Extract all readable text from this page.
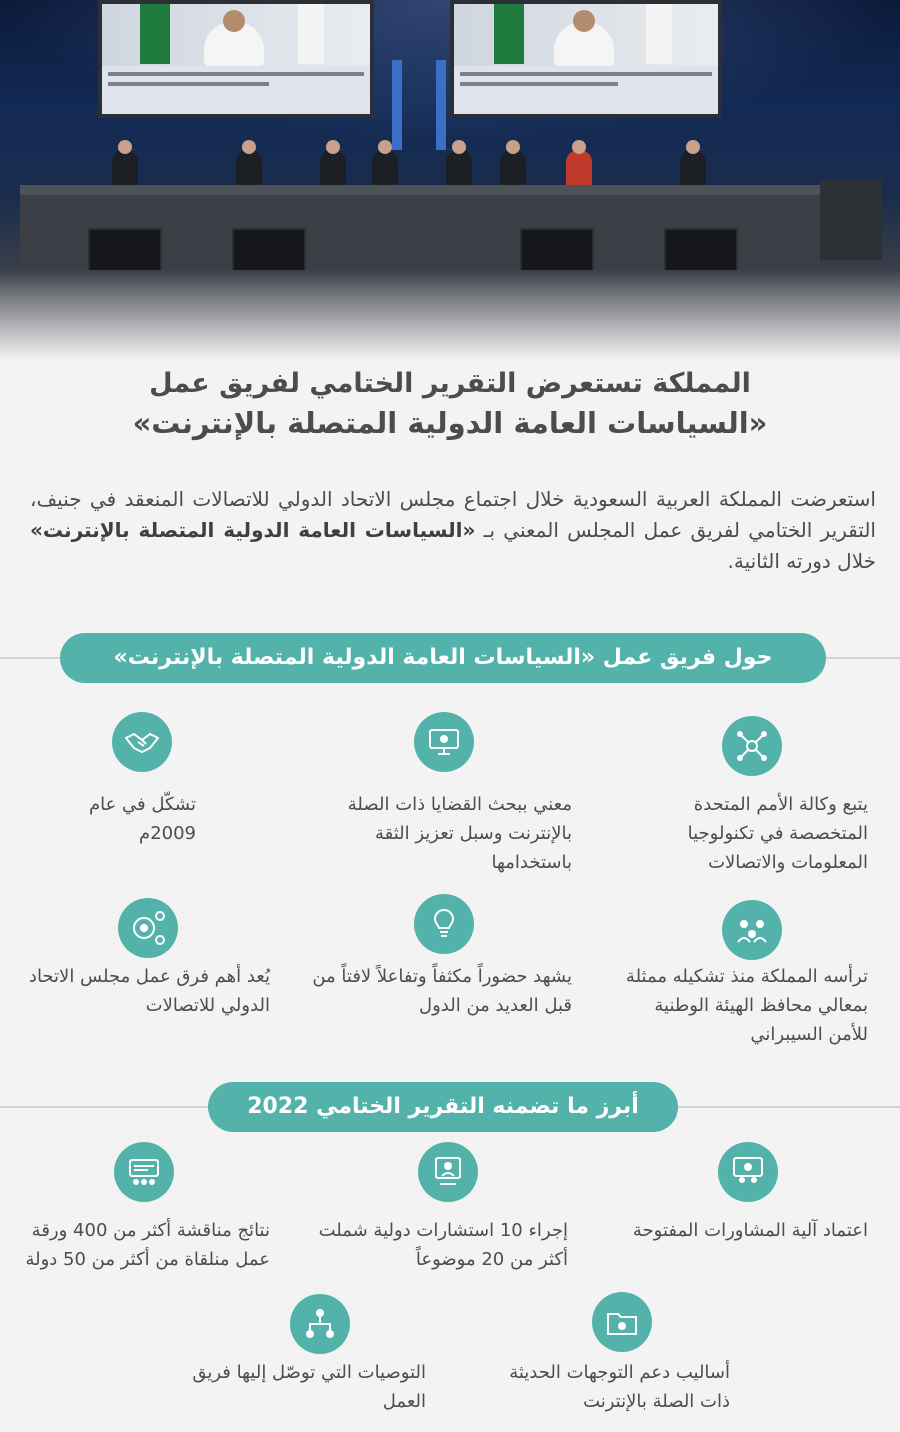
المملكة تستعرض التقرير الختامي لفريق عمل
«السياسات العامة الدولية المتصلة بالإنترنت»
استعرضت المملكة العربية السعودية خلال اجتماع مجلس الاتحاد الدولي للاتصالات المنعقد في جنيف، التقرير الختامي لفريق عمل المجلس المعني بـ «السياسات العامة الدولية المتصلة بالإنترنت» خلال دورته الثانية.
حول فريق عمل «السياسات العامة الدولية المتصلة بالإنترنت»
يتبع وكالة الأمم المتحدة المتخصصة في تكنولوجيا المعلومات والاتصالات
معني ببحث القضايا ذات الصلة بالإنترنت وسبل تعزيز الثقة باستخدامها
تشكّل في عام 2009م
ترأسه المملكة منذ تشكيله ممثلة بمعالي محافظ الهيئة الوطنية للأمن السيبراني
يشهد حضوراً مكثفاً وتفاعلاً لافتاً من قبل العديد من الدول
يُعد أهم فرق عمل مجلس الاتحاد الدولي للاتصالات
أبرز ما تضمنه التقرير الختامي 2022
اعتماد آلية المشاورات المفتوحة
إجراء 10 استشارات دولية شملت أكثر من 20 موضوعاً
نتائج مناقشة أكثر من 400 ورقة عمل منلقاة من أكثر من 50 دولة
أساليب دعم التوجهات الحديثة ذات الصلة بالإنترنت
التوصيات التي توصّل إليها فريق العمل
